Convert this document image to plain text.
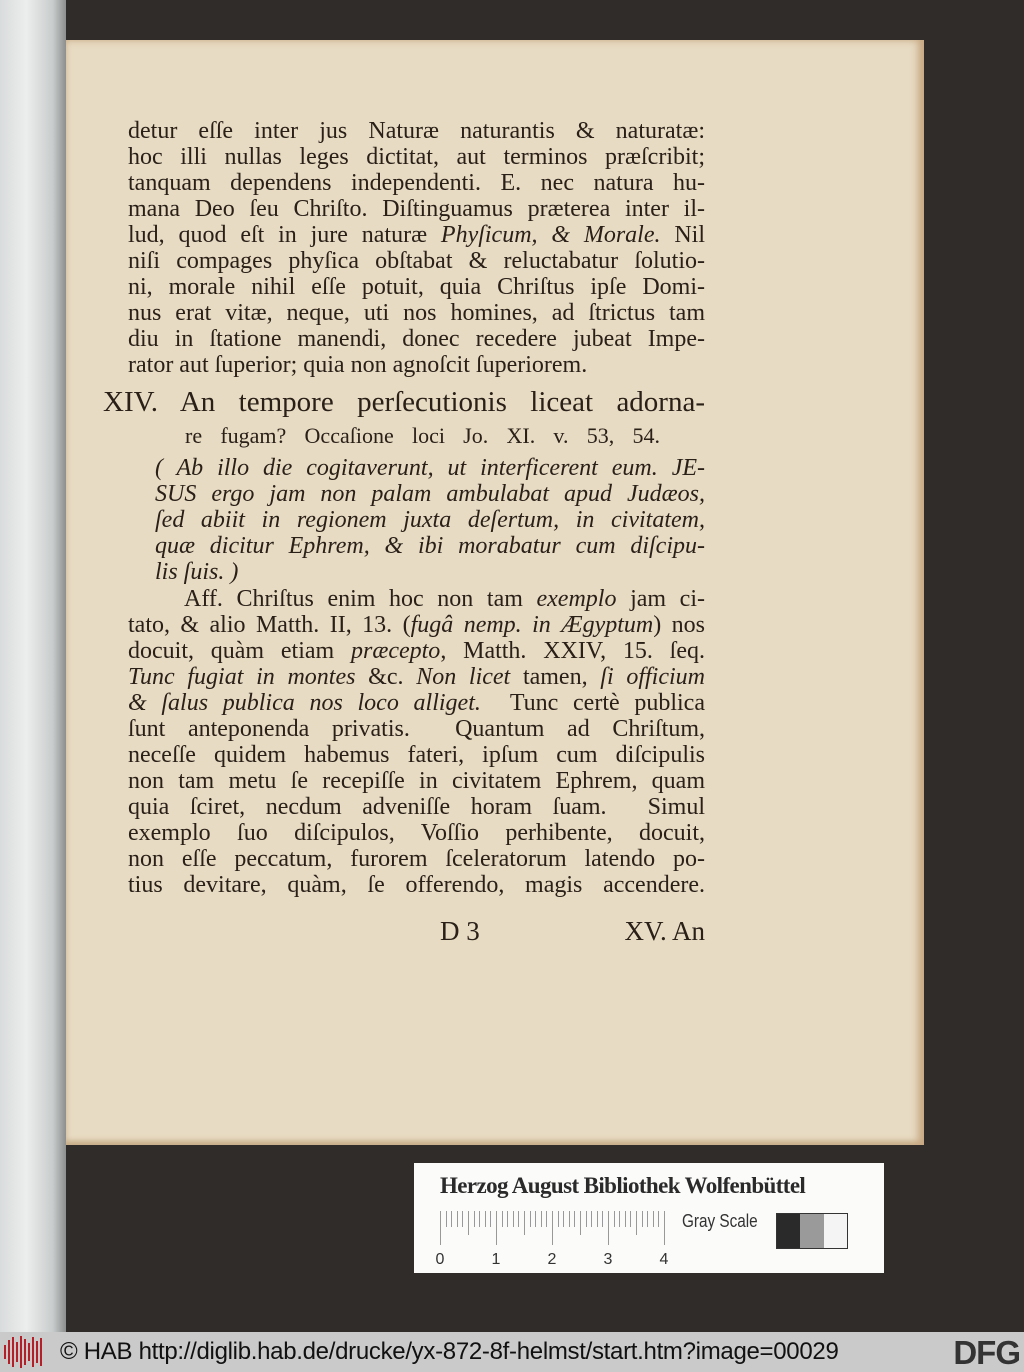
detur eſſe inter jus Naturæ naturantis & naturatæ:
hoc illi nullas leges dictitat, aut terminos præſcribit;
tanquam dependens independenti. E. nec natura hu-
mana Deo ſeu Chriſto. Diſtinguamus præterea inter il-
lud, quod eſt in jure naturæ Phyſicum, & Morale. Nil
niſi compages phyſica obſtabat & reluctabatur ſolutio-
ni, morale nihil eſſe potuit, quia Chriſtus ipſe Domi-
nus erat vitæ, neque, uti nos homines, ad ſtrictus tam
diu in ſtatione manendi, donec recedere jubeat Impe-
rator aut ſuperior; quia non agnoſcit ſuperiorem.
XIV. An tempore perſecutionis liceat adorna-
re fugam? Occaſione loci Jo. XI. v. 53, 54.
( Ab illo die cogitaverunt, ut interficerent eum. JE-
SUS ergo jam non palam ambulabat apud Judæos,
ſed abiit in regionem juxta deſertum, in civitatem,
quæ dicitur Ephrem, & ibi morabatur cum diſcipu-
lis ſuis. )
Aff. Chriſtus enim hoc non tam exemplo jam ci-
tato, & alio Matth. II, 13. (fugâ nemp. in Ægyptum) nos
docuit, quàm etiam præcepto, Matth. XXIV, 15. ſeq.
Tunc fugiat in montes &c. Non licet tamen, ſi officium
& ſalus publica nos loco alliget.  Tunc certè publica
ſunt anteponenda privatis.  Quantum ad Chriſtum,
neceſſe quidem habemus fateri, ipſum cum diſcipulis
non tam metu ſe recepiſſe in civitatem Ephrem, quam
quia ſciret, necdum adveniſſe horam ſuam.  Simul
exemplo ſuo diſcipulos, Voſſio perhibente, docuit,
non eſſe peccatum, furorem ſceleratorum latendo po-
tius devitare, quàm, ſe offerendo, magis accendere.
D 3	XV. An
Herzog August Bibliothek Wolfenbüttel
0	1	2	3	4
Gray Scale
© HAB http://diglib.hab.de/drucke/yx-872-8f-helmst/start.htm?image=00029	DFG
